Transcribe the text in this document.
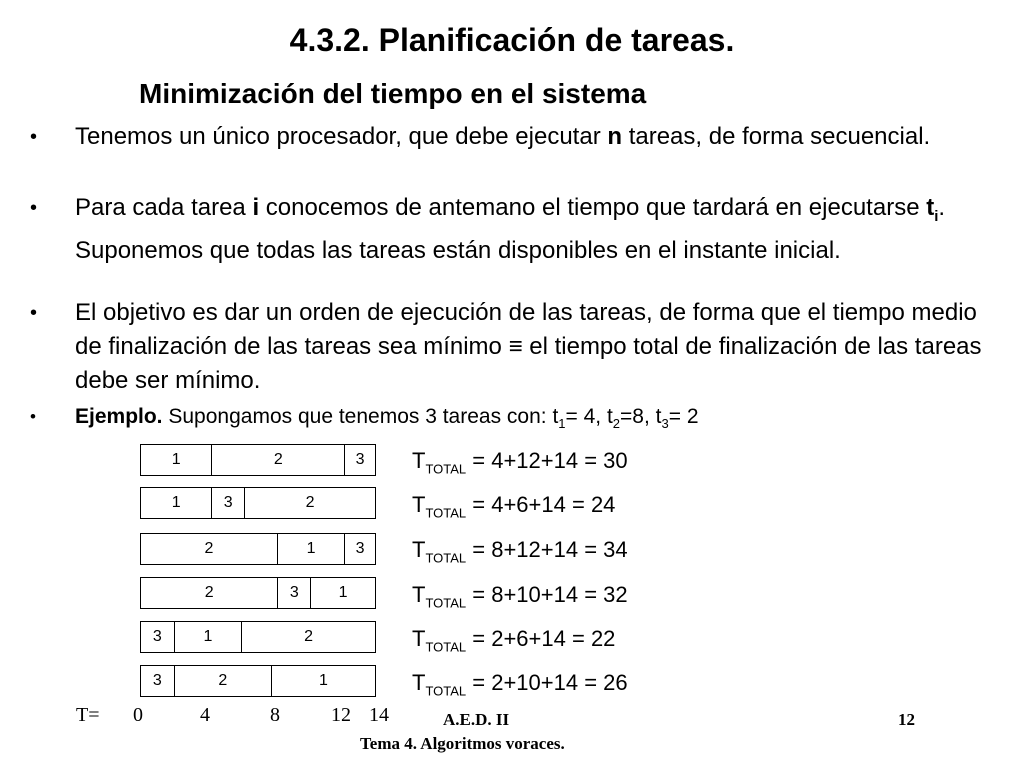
4.3.2. Planificación de tareas.
Minimización del tiempo en el sistema

• Tenemos un único procesador, que debe ejecutar n tareas, de forma secuencial.

• Para cada tarea i conocemos de antemano el tiempo que tardará en ejecutarse $t_i$. Suponemos que todas las tareas están disponibles en el instante inicial.

• El objetivo es dar un orden de ejecución de las tareas, de forma que el tiempo medio de finalización de las tareas sea mínimo ≡ el tiempo total de finalización de las tareas debe ser mínimo.

• Ejemplo. Supongamos que tenemos 3 tareas con: $t_1= 4$, $t_2=8$, $t_3= 2$

1	2	3	$T_{TOTAL} = 4+12+14 = 30$

1	3	2	$T_{TOTAL} = 4+6+14 = 24$

2	1	3	$T_{TOTAL} = 8+12+14 = 34$

2	3	1	$T_{TOTAL} = 8+10+14 = 32$

3	1	2	$T_{TOTAL} = 2+6+14 = 22$

3	2	1	$T_{TOTAL} = 2+10+14 = 26$

T= 0	4	8	12 14	A.E.D. II	12
Tema 4. Algoritmos voraces.
